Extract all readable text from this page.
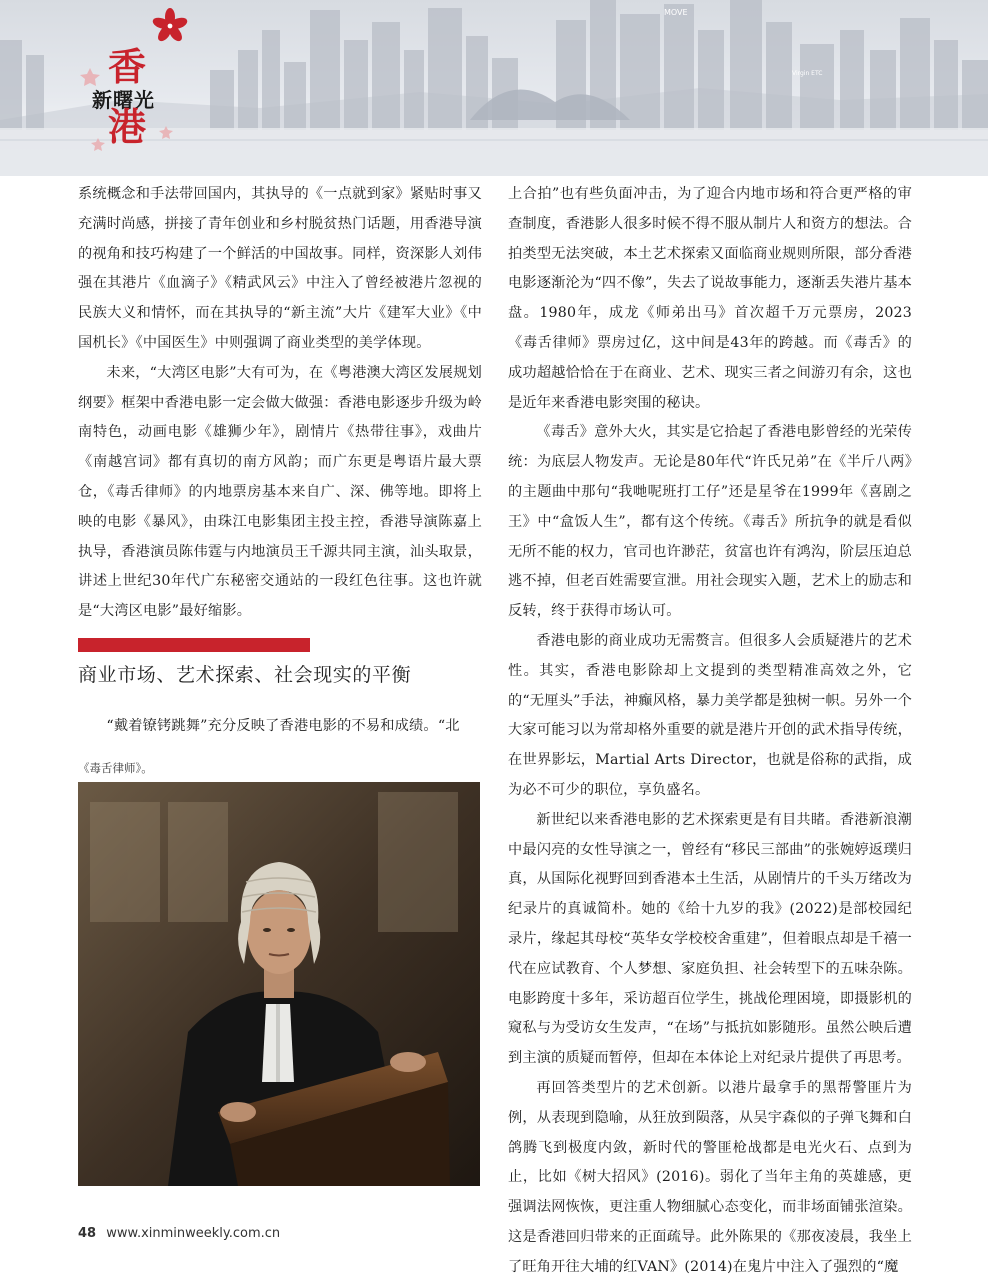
MOVE
Virgin ETC
香
新曙光
港

系统概念和手法带回国内，其执导的《一点就到家》紧贴时事又充满时尚感，拼接了青年创业和乡村脱贫热门话题，用香港导演的视角和技巧构建了一个鲜活的中国故事。同样，资深影人刘伟强在其港片《血滴子》《精武风云》中注入了曾经被港片忽视的民族大义和情怀，而在其执导的“新主流”大片《建军大业》《中国机长》《中国医生》中则强调了商业类型的美学体现。

未来，“大湾区电影”大有可为，在《粤港澳大湾区发展规划纲要》框架中香港电影一定会做大做强：香港电影逐步升级为岭南特色，动画电影《雄狮少年》，剧情片《热带往事》，戏曲片《南越宫词》都有真切的南方风韵；而广东更是粤语片最大票仓，《毒舌律师》的内地票房基本来自广、深、佛等地。即将上映的电影《暴风》，由珠江电影集团主投主控，香港导演陈嘉上执导，香港演员陈伟霆与内地演员王千源共同主演，汕头取景，讲述上世纪30年代广东秘密交通站的一段红色往事。这也许就是“大湾区电影”最好缩影。

商业市场、艺术探索、社会现实的平衡

“戴着镣铐跳舞”充分反映了香港电影的不易和成绩。“北

《毒舌律师》。

上合拍”也有些负面冲击，为了迎合内地市场和符合更严格的审查制度，香港影人很多时候不得不服从制片人和资方的想法。合拍类型无法突破，本土艺术探索又面临商业规则所限，部分香港电影逐渐沦为“四不像”，失去了说故事能力，逐渐丢失港片基本盘。1980年，成龙《师弟出马》首次超千万元票房，2023《毒舌律师》票房过亿，这中间是43年的跨越。而《毒舌》的成功超越恰恰在于在商业、艺术、现实三者之间游刃有余，这也是近年来香港电影突围的秘诀。

《毒舌》意外大火，其实是它拾起了香港电影曾经的光荣传统：为底层人物发声。无论是80年代“许氏兄弟”在《半斤八两》的主题曲中那句“我哋呢班打工仔”还是星爷在1999年《喜剧之王》中“盒饭人生”，都有这个传统。《毒舌》所抗争的就是看似无所不能的权力，官司也许渺茫，贫富也许有鸿沟，阶层压迫总逃不掉，但老百姓需要宣泄。用社会现实入题，艺术上的励志和反转，终于获得市场认可。

香港电影的商业成功无需赘言。但很多人会质疑港片的艺术性。其实，香港电影除却上文提到的类型精准高效之外，它的“无厘头”手法，神癫风格，暴力美学都是独树一帜。另外一个大家可能习以为常却格外重要的就是港片开创的武术指导传统，在世界影坛，Martial Arts Director，也就是俗称的武指，成为必不可少的职位，享负盛名。

新世纪以来香港电影的艺术探索更是有目共睹。香港新浪潮中最闪亮的女性导演之一，曾经有“移民三部曲”的张婉婷返璞归真，从国际化视野回到香港本土生活，从剧情片的千头万绪改为纪录片的真诚简朴。她的《给十九岁的我》(2022)是部校园纪录片，缘起其母校“英华女学校校舍重建”，但着眼点却是千禧一代在应试教育、个人梦想、家庭负担、社会转型下的五味杂陈。电影跨度十多年，采访超百位学生，挑战伦理困境，即摄影机的窥私与为受访女生发声，“在场”与抵抗如影随形。虽然公映后遭到主演的质疑而暂停，但却在本体论上对纪录片提供了再思考。

再回答类型片的艺术创新。以港片最拿手的黑帮警匪片为例，从表现到隐喻，从狂放到陨落，从吴宇森似的子弹飞舞和白鸽腾飞到极度内敛，新时代的警匪枪战都是电光火石、点到为止，比如《树大招风》(2016)。弱化了当年主角的英雄感，更强调法网恢恢，更注重人物细腻心态变化，而非场面铺张渲染。这是香港回归带来的正面疏导。此外陈果的《那夜凌晨，我坐上了旺角开往大埔的红VAN》(2014)在鬼片中注入了强烈的“魔

48 www.xinminweekly.com.cn
